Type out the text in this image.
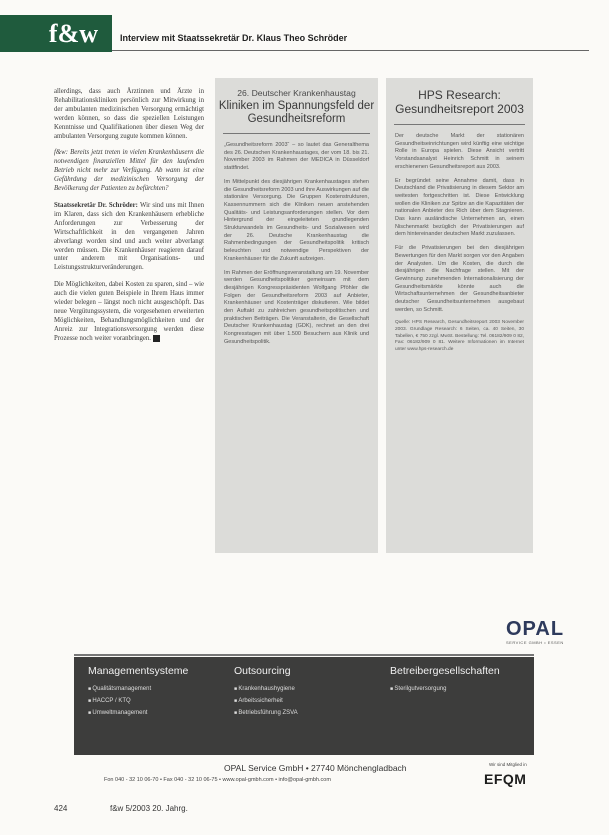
f&w	Interview mit Staatssekretär Dr. Klaus Theo Schröder

allerdings, dass auch Ärztinnen und Ärzte in Rehabilitationskliniken persönlich zur Mitwirkung in der ambulanten medizinischen Versorgung ermächtigt werden können, so dass die speziellen Leistungen Kenntnisse und Qualifikationen über diesen Weg der ambulanten Versorgung zugute kommen können.

f&w: Bereits jetzt treten in vielen Krankenhäusern die notwendigen finanziellen Mittel für den laufenden Betrieb nicht mehr zur Verfügung. Ab wann ist eine Gefährdung der medizinischen Versorgung der Bevölkerung der Patienten zu befürchten?

Staatssekretär Dr. Schröder: Wir sind uns mit Ihnen im Klaren, dass sich den Krankenhäusern erhebliche Anforderungen zur Verbesserung der Wirtschaftlichkeit in den vergangenen Jahren abverlangt worden sind und auch weiter abverlangt werden müssen. Die Krankenhäuser reagieren darauf unter anderem mit Organisations- und Leistungsstrukturveränderungen.

Die Möglichkeiten, dabei Kosten zu sparen, sind – wie auch die vielen guten Beispiele in Ihrem Haus immer wieder belegen – längst noch nicht ausgeschöpft. Das neue Vergütungssystem, die vorgesehenen erweiterten Möglichkeiten, Behandlungsmöglichkeiten und der Anreiz zur Integrationsversorgung werden diese Prozesse noch weiter voranbringen.

26. Deutscher Krankenhaustag
Kliniken im Spannungsfeld der Gesundheitsreform

„Gesundheitsreform 2003“ – so lautet das Generalthema des 26. Deutschen Krankenhaustages, der vom 18. bis 21. November 2003 im Rahmen der MEDICA in Düsseldorf stattfindet.

Im Mittelpunkt des diesjährigen Krankenhaustages stehen die Gesundheitsreform 2003 und ihre Auswirkungen auf die stationäre Versorgung. Die Gruppen Kostenstrukturen, Kassennummern sich die Kliniken neuen anstehenden Qualitäts- und Leistungsanforderungen stellen. Vor dem Hintergrund der eingeleiteten grundlegenden Strukturwandels im Gesundheits- und Sozialwesen wird der 26. Deutsche Krankenhaustag die Rahmenbedingungen der Gesundheitspolitik kritisch beleuchten und notwendige Perspektiven der Krankenhäuser für die Zukunft aufzeigen.

Im Rahmen der Eröffnungsveranstaltung am 19. November werden Gesundheitspolitiker gemeinsam mit dem diesjährigen Kongresspräsidenten Wolfgang Pföhler die Folgen der Gesundheitsreform 2003 auf Anbieter, Krankenhäuser und Kostenträger diskutieren. Wie bildet den Auftakt zu zahlreichen gesundheitspolitischen und praktischen Beiträgen. Die Veranstalterin, die Gesellschaft Deutscher Krankenhaustag (GDK), rechnet an den drei Kongresstagen mit über 1.500 Besuchern aus Klinik und Gesundheitspolitik.

HPS Research: Gesundheitsreport 2003

Der deutsche Markt der stationären Gesundheitseinrichtungen wird künftig eine wichtige Rolle in Europa spielen. Diese Ansicht vertritt Vorstandsanalyst Heinrich Schmitt in seinem erschienenen Gesundheitsreport aus 2003.

Er begründet seine Annahme damit, dass in Deutschland die Privatisierung in diesem Sektor am weitesten fortgeschritten ist. Diese Entwicklung wollen die Kliniken zur Spitze an die Kapazitäten der nationalen Anbieter des Rich über dem Stagnieren. Das kann ausländische Unternehmen an, einen Nischenmarkt bezüglich der Privatisierungen auf dem hintereinander deutschen Markt zuzulassen.

Für die Privatisierungen bei den diesjährigen Bewertungen für den Markt sorgen vor den Angaben der Analysten. Um die Kosten, die durch die diesjährigen die Nachfrage stellen. Mit der Gewinnung zunehmenden Internationalisierung der Gesundheitsmärkte könnte auch die Wirtschaftsunternehmen der Gesundheitsanbieter deutscher Gesundheitsunternehmen ausgebaut werden, so Schmitt.

Quelle: HPS Research, Gesundheitsreport 2003 November 2003. Grundlage Research: 6 Seiten, ca. 40 Seiten, 30 Tabellen, € 750 zzgl. MwSt. Bestellung: Tel. 06182/909 0 82, Fax: 06182/909 0 81. Weitere Informationen im Internet unter www.hps-research.de

OPAL
SERVICE GMBH • ESSEN
Managementsysteme
■ Qualitätsmanagement
■ HACCP / KTQ
■ Umweltmanagement
Outsourcing
■ Krankenhaushygiene
■ Arbeitssicherheit
■ Betriebsführung ZSVA
Betreibergesellschaften
■ Sterilgutversorgung
OPAL Service GmbH • 27740 Mönchengladbach
Fon 040 - 32 10 06-70 • Fax 040 - 32 10 06-75 • www.opal-gmbh.com • info@opal-gmbh.com
Wir sind Mitglied in
EFQM
424	f&w 5/2003 20. Jahrg.
